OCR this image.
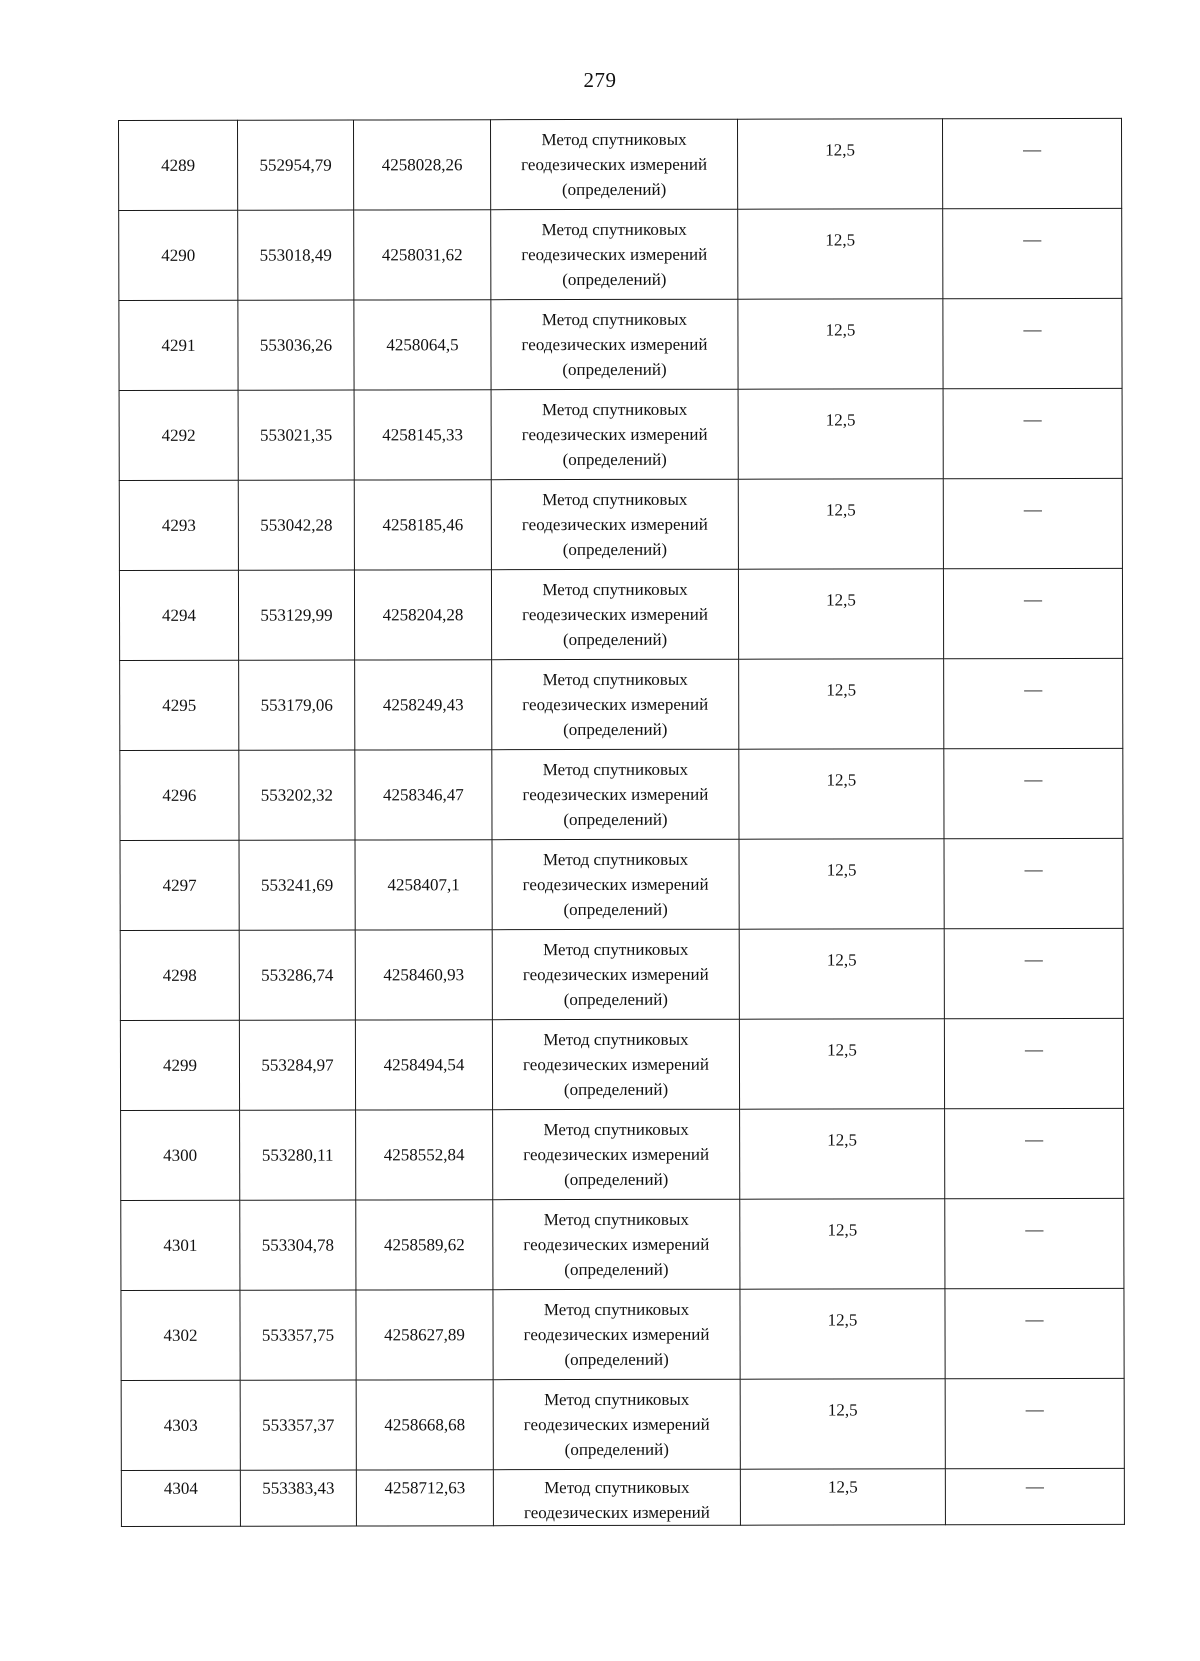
279
4289	552954,79	4258028,26	Метод спутниковых
геодезических измерений
(определений)	12,5	—
4290	553018,49	4258031,62	Метод спутниковых
геодезических измерений
(определений)	12,5	—
4291	553036,26	4258064,5	Метод спутниковых
геодезических измерений
(определений)	12,5	—
4292	553021,35	4258145,33	Метод спутниковых
геодезических измерений
(определений)	12,5	—
4293	553042,28	4258185,46	Метод спутниковых
геодезических измерений
(определений)	12,5	—
4294	553129,99	4258204,28	Метод спутниковых
геодезических измерений
(определений)	12,5	—
4295	553179,06	4258249,43	Метод спутниковых
геодезических измерений
(определений)	12,5	—
4296	553202,32	4258346,47	Метод спутниковых
геодезических измерений
(определений)	12,5	—
4297	553241,69	4258407,1	Метод спутниковых
геодезических измерений
(определений)	12,5	—
4298	553286,74	4258460,93	Метод спутниковых
геодезических измерений
(определений)	12,5	—
4299	553284,97	4258494,54	Метод спутниковых
геодезических измерений
(определений)	12,5	—
4300	553280,11	4258552,84	Метод спутниковых
геодезических измерений
(определений)	12,5	—
4301	553304,78	4258589,62	Метод спутниковых
геодезических измерений
(определений)	12,5	—
4302	553357,75	4258627,89	Метод спутниковых
геодезических измерений
(определений)	12,5	—
4303	553357,37	4258668,68	Метод спутниковых
геодезических измерений
(определений)	12,5	—
4304	553383,43	4258712,63	Метод спутниковых
геодезических измерений	12,5	—
